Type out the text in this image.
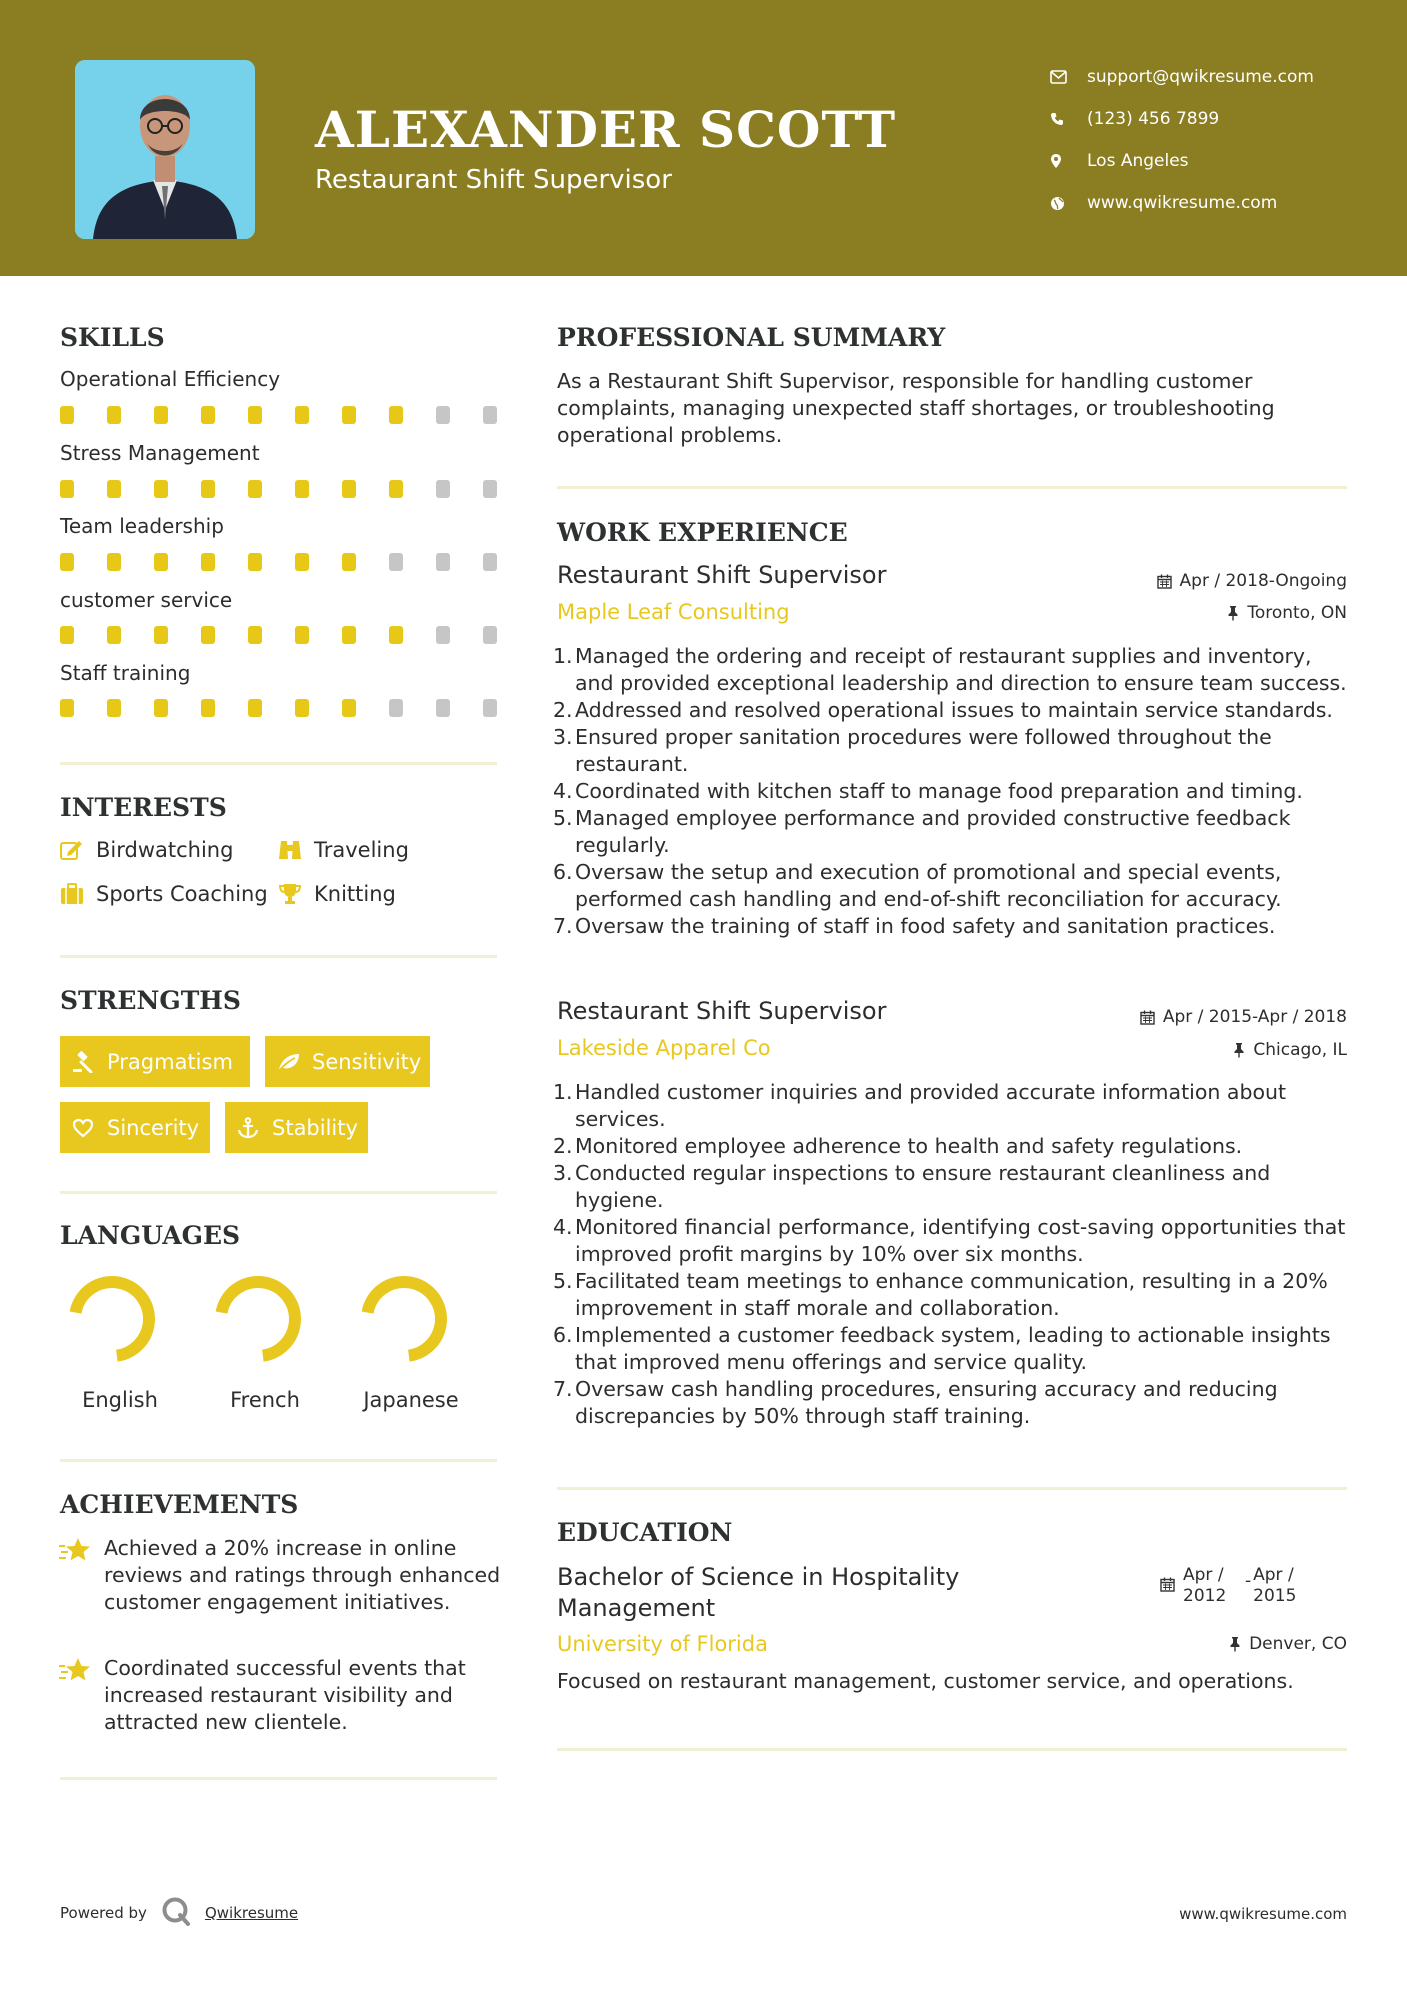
ALEXANDER SCOTT
Restaurant Shift Supervisor
support@qwikresume.com
(123) 456 7899
Los Angeles
www.qwikresume.com
SKILLS
Operational Efficiency
Stress Management
Team leadership
customer service
Staff training
INTERESTS
Birdwatching	Traveling
Sports Coaching Knitting
STRENGTHS
Pragmatism	Sensitivity
Sincerity	Stability
LANGUAGES
English	French	Japanese
ACHIEVEMENTS
Achieved a 20% increase in online reviews and ratings through enhanced customer engagement initiatives.
Coordinated successful events that increased restaurant visibility and attracted new clientele.
PROFESSIONAL SUMMARY
As a Restaurant Shift Supervisor, responsible for handling customer complaints, managing unexpected staff shortages, or troubleshooting operational problems.
WORK EXPERIENCE
Restaurant Shift Supervisor	Apr / 2018-Ongoing
Maple Leaf Consulting	Toronto, ON
1. Managed the ordering and receipt of restaurant supplies and inventory, and provided exceptional leadership and direction to ensure team success.
2. Addressed and resolved operational issues to maintain service standards.
3. Ensured proper sanitation procedures were followed throughout the restaurant.
4. Coordinated with kitchen staff to manage food preparation and timing.
5. Managed employee performance and provided constructive feedback regularly.
6. Oversaw the setup and execution of promotional and special events, performed cash handling and end-of-shift reconciliation for accuracy.
7. Oversaw the training of staff in food safety and sanitation practices.
Restaurant Shift Supervisor	Apr / 2015-Apr / 2018
Lakeside Apparel Co	Chicago, IL
1. Handled customer inquiries and provided accurate information about services.
2. Monitored employee adherence to health and safety regulations.
3. Conducted regular inspections to ensure restaurant cleanliness and hygiene.
4. Monitored financial performance, identifying cost-saving opportunities that improved profit margins by 10% over six months.
5. Facilitated team meetings to enhance communication, resulting in a 20% improvement in staff morale and collaboration.
6. Implemented a customer feedback system, leading to actionable insights that improved menu offerings and service quality.
7. Oversaw cash handling procedures, ensuring accuracy and reducing discrepancies by 50% through staff training.
EDUCATION
Bachelor of Science in Hospitality Management
Apr / 2012
- Apr / 2015
University of Florida	Denver, CO
Focused on restaurant management, customer service, and operations.
Powered by	Qwikresume	www.qwikresume.com
